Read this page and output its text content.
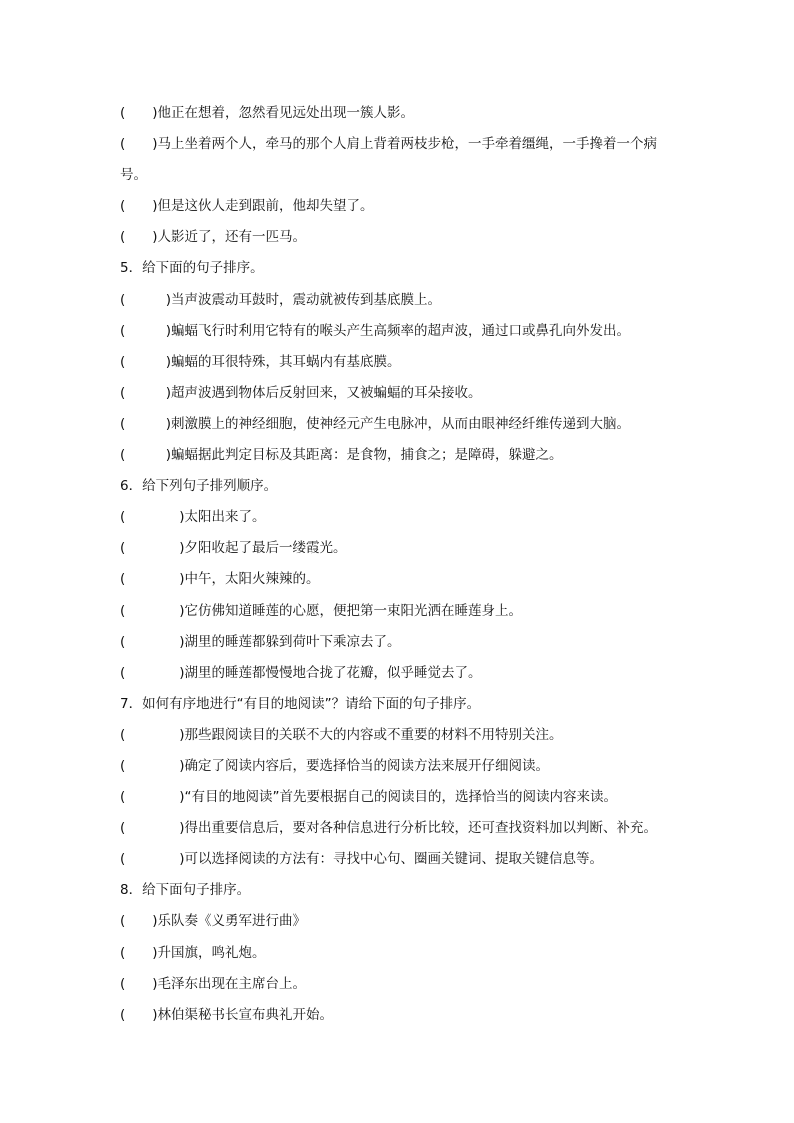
(　　)他正在想着，忽然看见远处出现一簇人影。
(　　)马上坐着两个人，牵马的那个人肩上背着两枝步枪，一手牵着缰绳，一手搀着一个病号。
(　　)但是这伙人走到跟前，他却失望了。
(　　)人影近了，还有一匹马。
5．给下面的句子排序。
(　　　)当声波震动耳鼓时，震动就被传到基底膜上。
(　　　)蝙蝠飞行时利用它特有的喉头产生高频率的超声波，通过口或鼻孔向外发出。
(　　　)蝙蝠的耳很特殊，其耳蜗内有基底膜。
(　　　)超声波遇到物体后反射回来，又被蝙蝠的耳朵接收。
(　　　)刺激膜上的神经细胞，使神经元产生电脉冲，从而由眼神经纤维传递到大脑。
(　　　)蝙蝠据此判定目标及其距离：是食物，捕食之；是障碍，躲避之。
6．给下列句子排列顺序。
(　　　　)太阳出来了。
(　　　　)夕阳收起了最后一缕霞光。
(　　　　)中午，太阳火辣辣的。
(　　　　)它仿佛知道睡莲的心愿，便把第一束阳光洒在睡莲身上。
(　　　　)湖里的睡莲都躲到荷叶下乘凉去了。
(　　　　)湖里的睡莲都慢慢地合拢了花瓣，似乎睡觉去了。
7．如何有序地进行“有目的地阅读”？请给下面的句子排序。
(　　　　)那些跟阅读目的关联不大的内容或不重要的材料不用特别关注。
(　　　　)确定了阅读内容后，要选择恰当的阅读方法来展开仔细阅读。
(　　　　)“有目的地阅读”首先要根据自己的阅读目的，选择恰当的阅读内容来读。
(　　　　)得出重要信息后，要对各种信息进行分析比较，还可查找资料加以判断、补充。
(　　　　)可以选择阅读的方法有：寻找中心句、圈画关键词、提取关键信息等。
8．给下面句子排序。
(　　)乐队奏《义勇军进行曲》
(　　)升国旗，鸣礼炮。
(　　)毛泽东出现在主席台上。
(　　)林伯渠秘书长宣布典礼开始。
